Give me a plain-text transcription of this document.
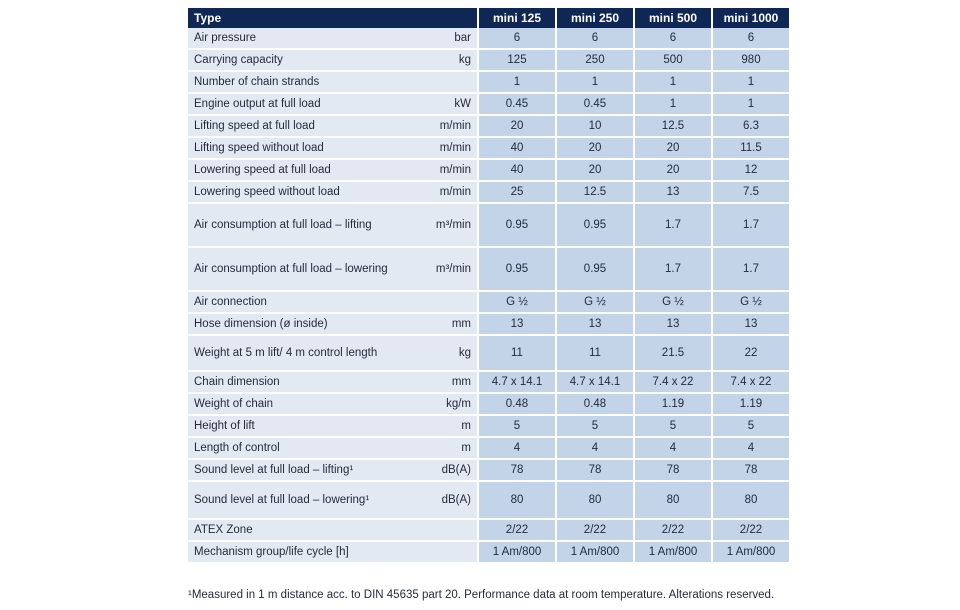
Type		mini 125	mini 250	mini 500	mini 1000
Air pressure	bar	6	6	6	6
Carrying capacity	kg	125	250	500	980
Number of chain strands		1	1	1	1
Engine output at full load	kW	0.45	0.45	1	1
Lifting speed at full load	m/min	20	10	12.5	6.3
Lifting speed without load	m/min	40	20	20	11.5
Lowering speed at full load	m/min	40	20	20	12
Lowering speed without load	m/min	25	12.5	13	7.5
Air consumption at full load – lifting	m³/min	0.95	0.95	1.7	1.7
Air consumption at full load – lowering	m³/min	0.95	0.95	1.7	1.7
Air connection		G ½	G ½	G ½	G ½
Hose dimension (ø inside)	mm	13	13	13	13
Weight at 5 m lift/ 4 m control length	kg	11	11	21.5	22
Chain dimension	mm	4.7 x 14.1	4.7 x 14.1	7.4 x 22	7.4 x 22
Weight of chain	kg/m	0.48	0.48	1.19	1.19
Height of lift	m	5	5	5	5
Length of control	m	4	4	4	4
Sound level at full load – lifting¹	dB(A)	78	78	78	78
Sound level at full load – lowering¹	dB(A)	80	80	80	80
ATEX Zone		2/22	2/22	2/22	2/22
Mechanism group/life cycle [h]		1 Am/800	1 Am/800	1 Am/800	1 Am/800
¹Measured in 1 m distance acc. to DIN 45635 part 20. Performance data at room temperature. Alterations reserved.
